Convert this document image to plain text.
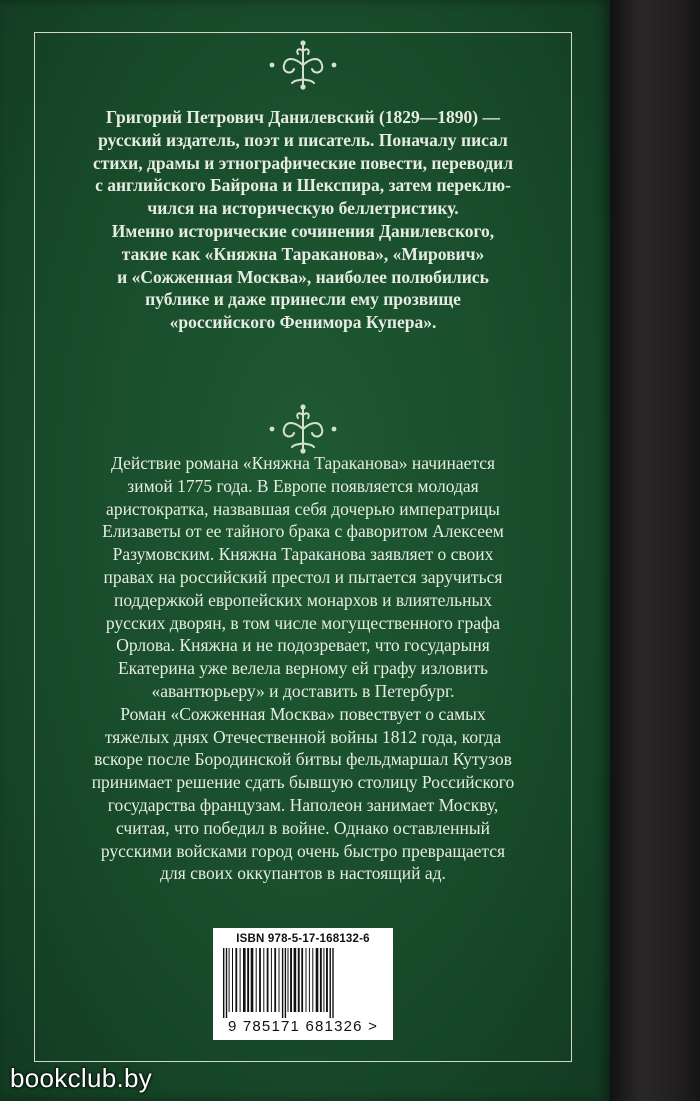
Григорий Петрович Данилевский (1829—1890) —

русский издатель, поэт и писатель. Поначалу писал

стихи, драмы и этнографические повести, переводил

с английского Байрона и Шекспира, затем переклю-

чился на историческую беллетристику.

Именно исторические сочинения Данилевского,

такие как «Княжна Тараканова», «Мирович»

и «Сожженная Москва», наиболее полюбились

публике и даже принесли ему прозвище

«российского Фенимора Купера».

Действие романа «Княжна Тараканова» начинается

зимой 1775 года. В Европе появляется молодая

аристократка, назвавшая себя дочерью императрицы

Елизаветы от ее тайного брака с фаворитом Алексеем

Разумовским. Княжна Тараканова заявляет о своих

правах на российский престол и пытается заручиться

поддержкой европейских монархов и влиятельных

русских дворян, в том числе могущественного графа

Орлова. Княжна и не подозревает, что государыня

Екатерина уже велела верному ей графу изловить

«авантюрьеру» и доставить в Петербург.

Роман «Сожженная Москва» повествует о самых

тяжелых днях Отечественной войны 1812 года, когда

вскоре после Бородинской битвы фельдмаршал Кутузов

принимает решение сдать бывшую столицу Российского

государства французам. Наполеон занимает Москву,

считая, что победил в войне. Однако оставленный

русскими войсками город очень быстро превращается

для своих оккупантов в настоящий ад.

ISBN 978-5-17-168132-6
9 785171 681326 >
bookclub.by
